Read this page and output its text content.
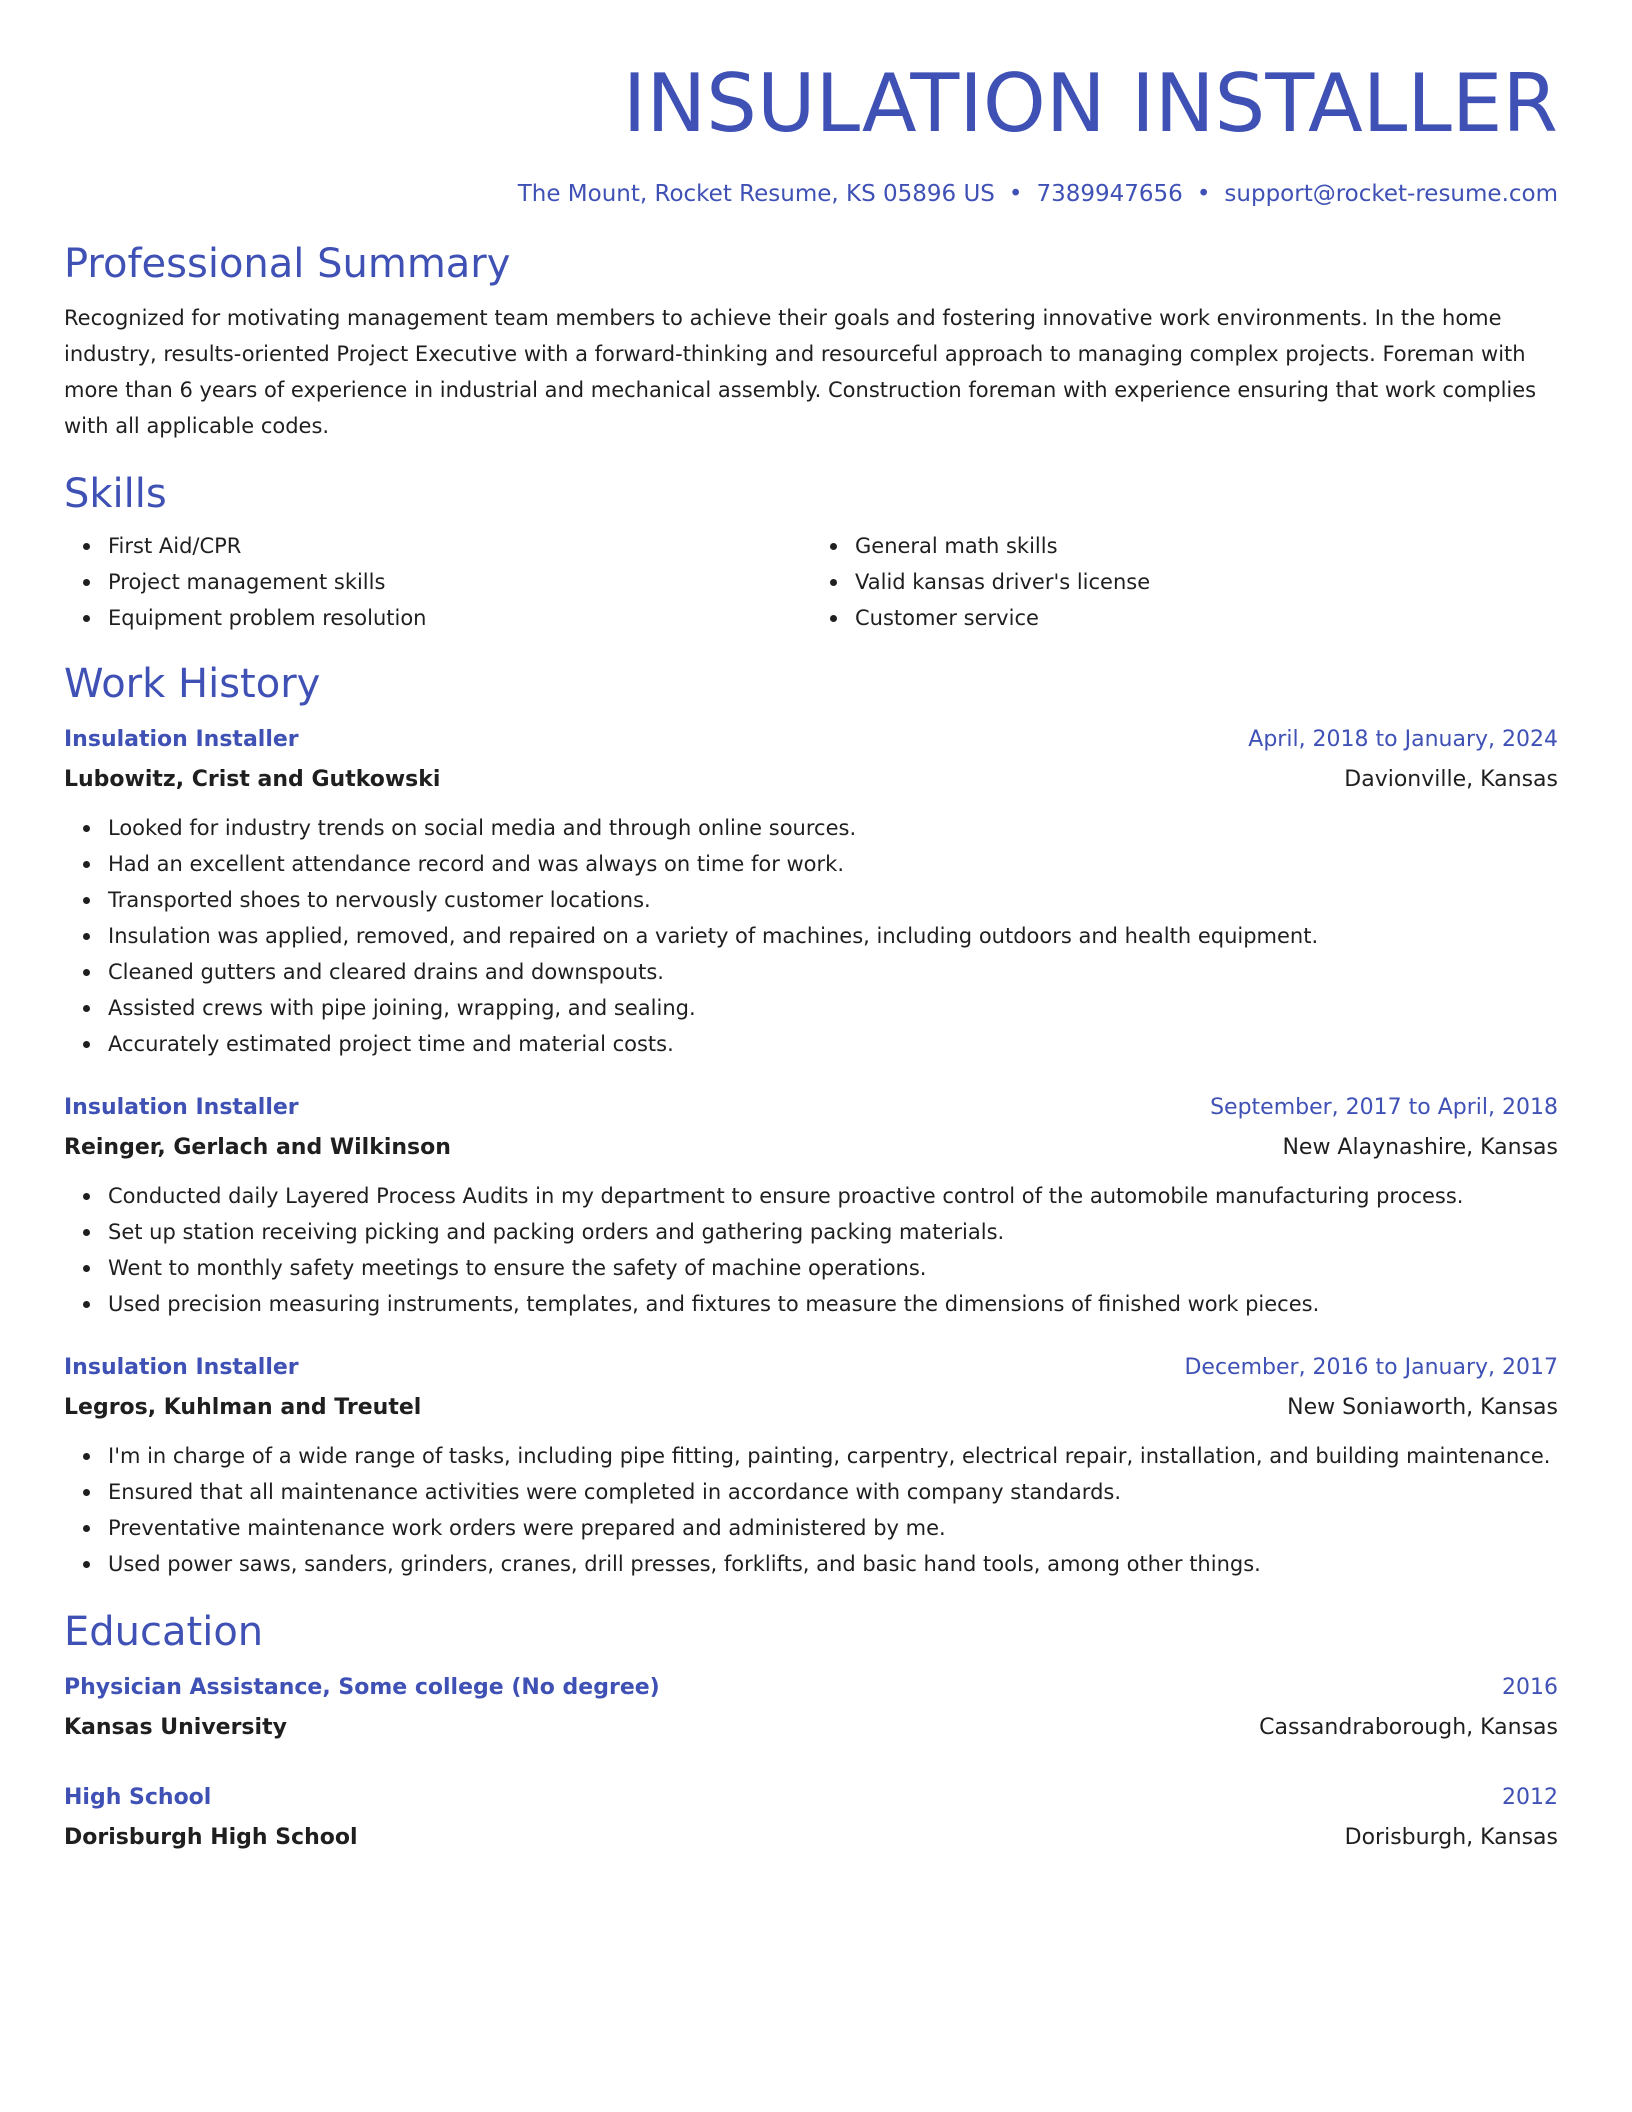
INSULATION INSTALLER
The Mount, Rocket Resume, KS 05896 US • 7389947656 • support@rocket-resume.com
Professional Summary
Recognized for motivating management team members to achieve their goals and fostering innovative work environments. In the home industry, results-oriented Project Executive with a forward-thinking and resourceful approach to managing complex projects. Foreman with more than 6 years of experience in industrial and mechanical assembly. Construction foreman with experience ensuring that work complies with all applicable codes.
Skills
First Aid/CPR
Project management skills
Equipment problem resolution
General math skills
Valid kansas driver's license
Customer service
Work History
Insulation Installer	April, 2018 to January, 2024
Lubowitz, Crist and Gutkowski	Davionville, Kansas
Looked for industry trends on social media and through online sources.
Had an excellent attendance record and was always on time for work.
Transported shoes to nervously customer locations.
Insulation was applied, removed, and repaired on a variety of machines, including outdoors and health equipment.
Cleaned gutters and cleared drains and downspouts.
Assisted crews with pipe joining, wrapping, and sealing.
Accurately estimated project time and material costs.
Insulation Installer	September, 2017 to April, 2018
Reinger, Gerlach and Wilkinson	New Alaynashire, Kansas
Conducted daily Layered Process Audits in my department to ensure proactive control of the automobile manufacturing process.
Set up station receiving picking and packing orders and gathering packing materials.
Went to monthly safety meetings to ensure the safety of machine operations.
Used precision measuring instruments, templates, and fixtures to measure the dimensions of finished work pieces.
Insulation Installer	December, 2016 to January, 2017
Legros, Kuhlman and Treutel	New Soniaworth, Kansas
I'm in charge of a wide range of tasks, including pipe fitting, painting, carpentry, electrical repair, installation, and building maintenance.
Ensured that all maintenance activities were completed in accordance with company standards.
Preventative maintenance work orders were prepared and administered by me.
Used power saws, sanders, grinders, cranes, drill presses, forklifts, and basic hand tools, among other things.
Education
Physician Assistance, Some college (No degree)	2016
Kansas University	Cassandraborough, Kansas
High School	2012
Dorisburgh High School	Dorisburgh, Kansas
